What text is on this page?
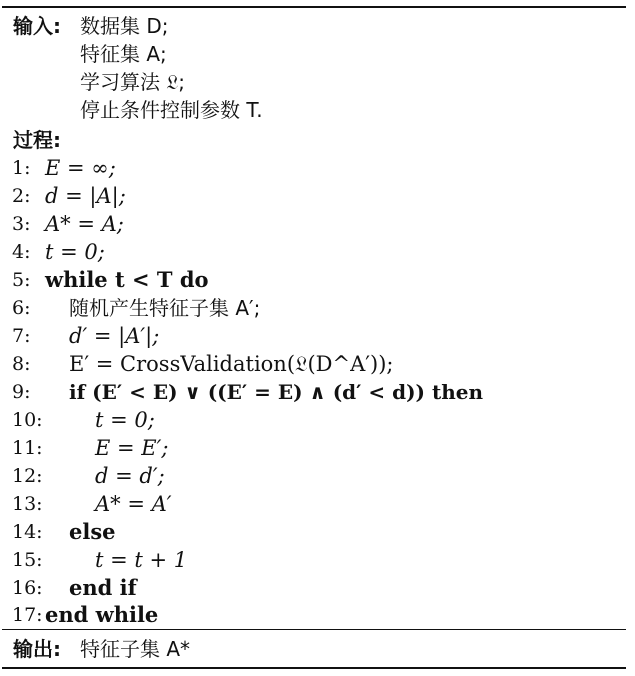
输入: 数据集 D;
特征集 A;
学习算法 𝔏;
停止条件控制参数 T.
过程:
1: E = ∞;
2: d = |A|;
3: A* = A;
4: t = 0;
5: while t < T do
6:	随机产生特征子集 A′;
7:	d′ = |A′|;
8:	E′ = CrossValidation(𝔏(D^A′));
9:	if (E′ < E) ∨ ((E′ = E) ∧ (d′ < d)) then
10: t = 0;
11: E = E′;
12: d = d′;
13: A* = A′
14: else
15: t = t + 1
16: end if
17: end while
输出: 特征子集 A*
